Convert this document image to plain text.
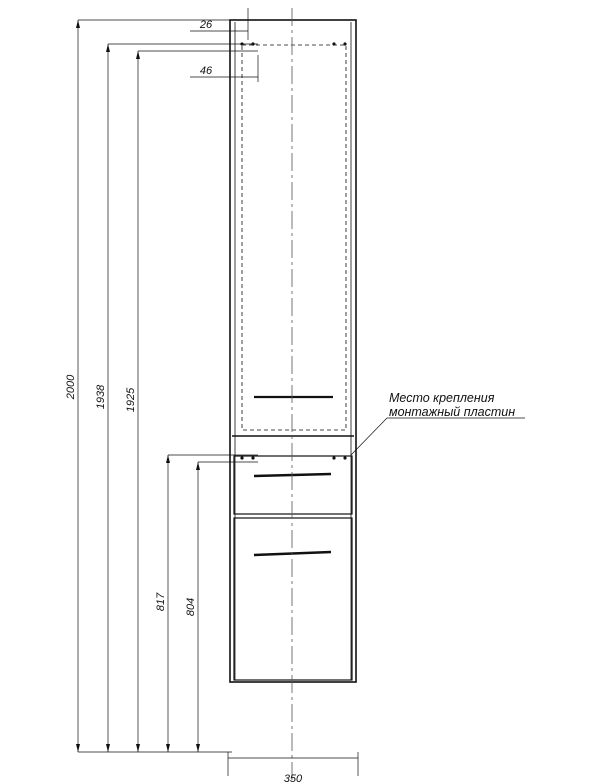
2000 1938 1925
817 804
26
46
350
Место крепления
монтажный пластин
